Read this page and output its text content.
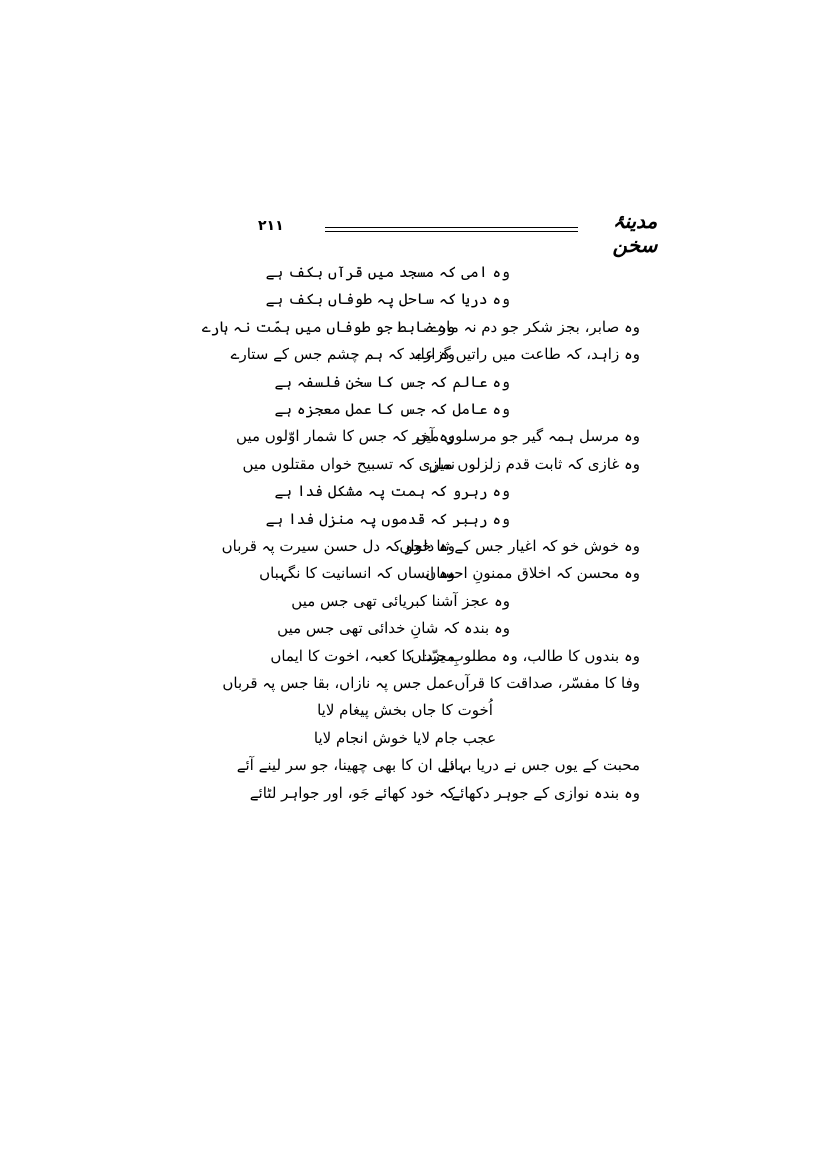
مدینۂ سخن
۲۱۱
وہ امی کہ مسجد میں قرآں بکف ہے
وہ دریا کہ ساحل پہ طوفاں بکف ہے
وہ صابر، بجز شکر جو دم نہ مارے
وہ ضابط جو طوفاں میں ہمّت نہ ہارے
وہ زاہد، کہ طاعت میں راتیں گزارے
وہ عابد کہ ہم چشم جس کے ستارے
وہ عالم کہ جس کا سخن فلسفہ ہے
وہ عامل کہ جس کا عمل معجزہ ہے
وہ مرسل ہمہ گیر جو مرسلوں میں
وہ آخر کہ جس کا شمار اوّلوں میں
وہ غازی کہ ثابت قدم زلزلوں میں
نمازی کہ تسبیح خواں مقتلوں میں
وہ رہرو کہ ہمت پہ مشکل فدا ہے
وہ رہبر کہ قدموں پہ منزل فدا ہے
وہ خوش خو کہ اغیار جس کے ثنا خواں
وہ دلجو کہ دل حسن سیرت پہ قرباں
وہ محسن کہ اخلاق ممنونِ احساں
وہ انساں کہ انسانیت کا نگہباں
وہ عجز آشنا کبریائی تھی جس میں
وہ بندہ کہ شانِ خدائی تھی جس میں
وہ بندوں کا طالب، وہ مطلوبِ یزداں
محبّت کا کعبہ، اخوت کا ایماں
وفا کا مفسّر، صداقت کا قرآں
عمل جس پہ نازاں، بقا جس پہ قرباں
اُخوت کا جاں بخش پیغام لایا
عجب جام لایا خوش انجام لایا
محبت کے یوں جس نے دریا بہائے
دل ان کا بھی چھینا، جو سر لینے آئے
وہ بندہ نوازی کے جوہر دکھائے
کہ خود کھائے جَو، اور جواہر لٹائے
